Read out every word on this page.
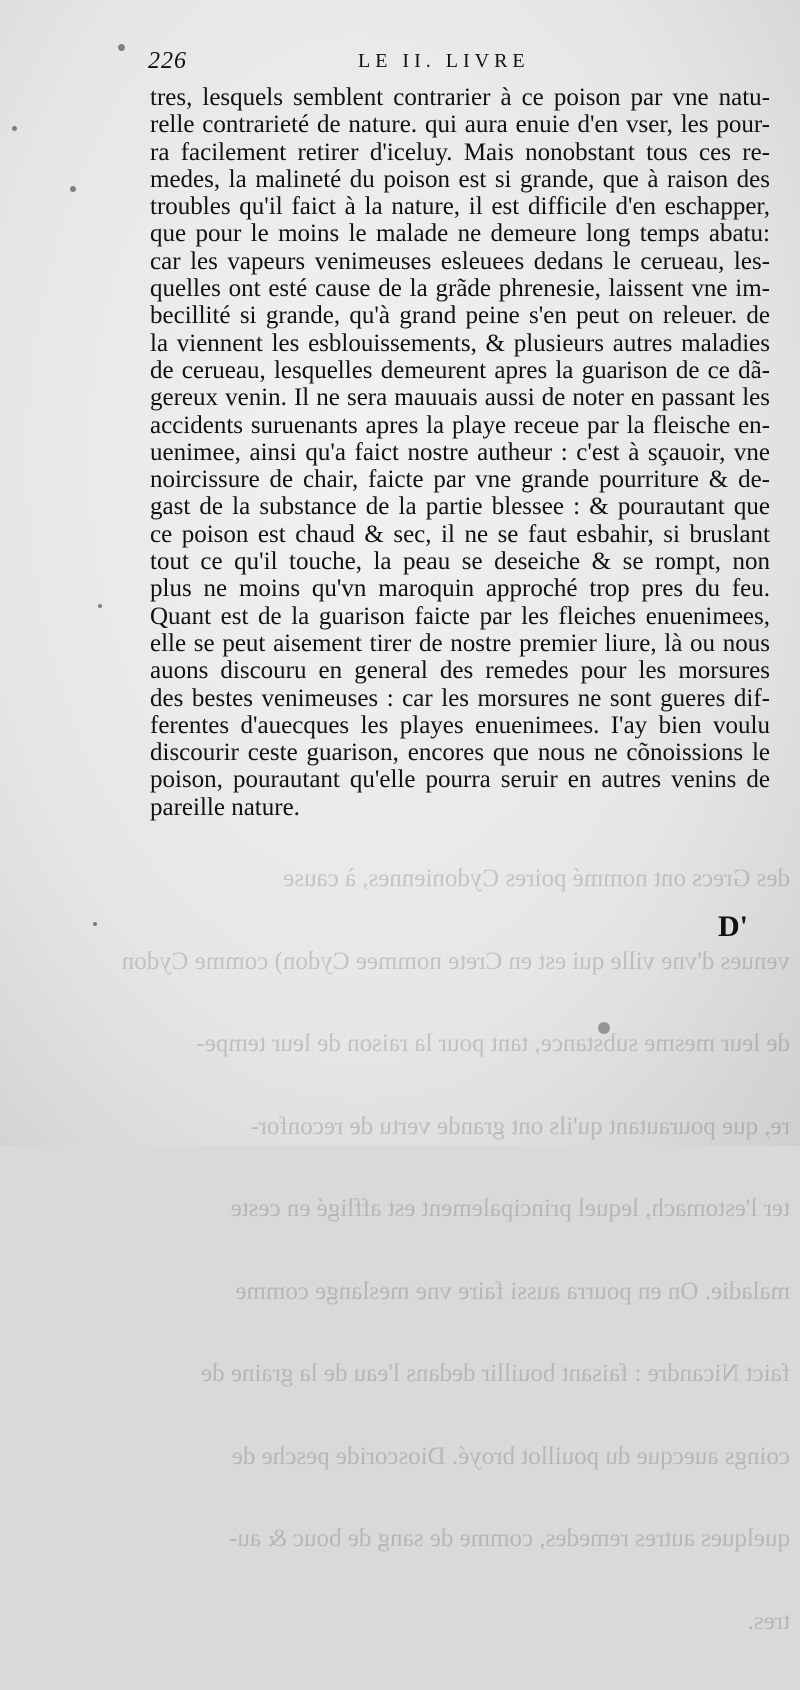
des Grecs ont nommé poires Cydoniennes, à cause

venues d'vne ville qui est en Crete nommee Cydon) comme Cydon

de leur mesme substance, tant pour la raison de leur tempe-

re, que pourautant qu'ils ont grande vertu de reconfor-

ter l'estomach, lequel principalement est affligé en ceste

maladie. On en pourra aussi faire vne meslange comme

faict Nicandre : faisant bouillir dedans l'eau de la graine de

coings auecque du pouillot broyé. Dioscoride pesche de

quelques autres remedes, comme de sang de bouc & au-

tres.

226	LE II. LIVRE
tres, lesquels semblent contrarier à ce poison par vne natu-
relle contrarieté de nature. qui aura enuie d'en vser, les pour-
ra facilement retirer d'iceluy. Mais nonobstant tous ces re-
medes, la malineté du poison est si grande, que à raison des
troubles qu'il faict à la nature, il est difficile d'en eschapper,
que pour le moins le malade ne demeure long temps abatu:
car les vapeurs venimeuses esleuees dedans le cerueau, les-
quelles ont esté cause de la grãde phrenesie, laissent vne im-
becillité si grande, qu'à grand peine s'en peut on releuer. de
la viennent les esblouissements, & plusieurs autres maladies
de cerueau, lesquelles demeurent apres la guarison de ce dã-
gereux venin. Il ne sera mauuais aussi de noter en passant les
accidents suruenants apres la playe receue par la fleische en-
uenimee, ainsi qu'a faict nostre autheur : c'est à sçauoir, vne
noircissure de chair, faicte par vne grande pourriture & de-
gast de la substance de la partie blessee : & pourautant que
ce poison est chaud & sec, il ne se faut esbahir, si bruslant
tout ce qu'il touche, la peau se deseiche & se rompt, non
plus ne moins qu'vn maroquin approché trop pres du feu.
Quant est de la guarison faicte par les fleiches enuenimees,
elle se peut aisement tirer de nostre premier liure, là ou nous
auons discouru en general des remedes pour les morsures
des bestes venimeuses : car les morsures ne sont gueres dif-
ferentes d'auecques les playes enuenimees. I'ay bien voulu
discourir ceste guarison, encores que nous ne cõnoissions le
poison, pourautant qu'elle pourra seruir en autres venins de
pareille nature.
D'
